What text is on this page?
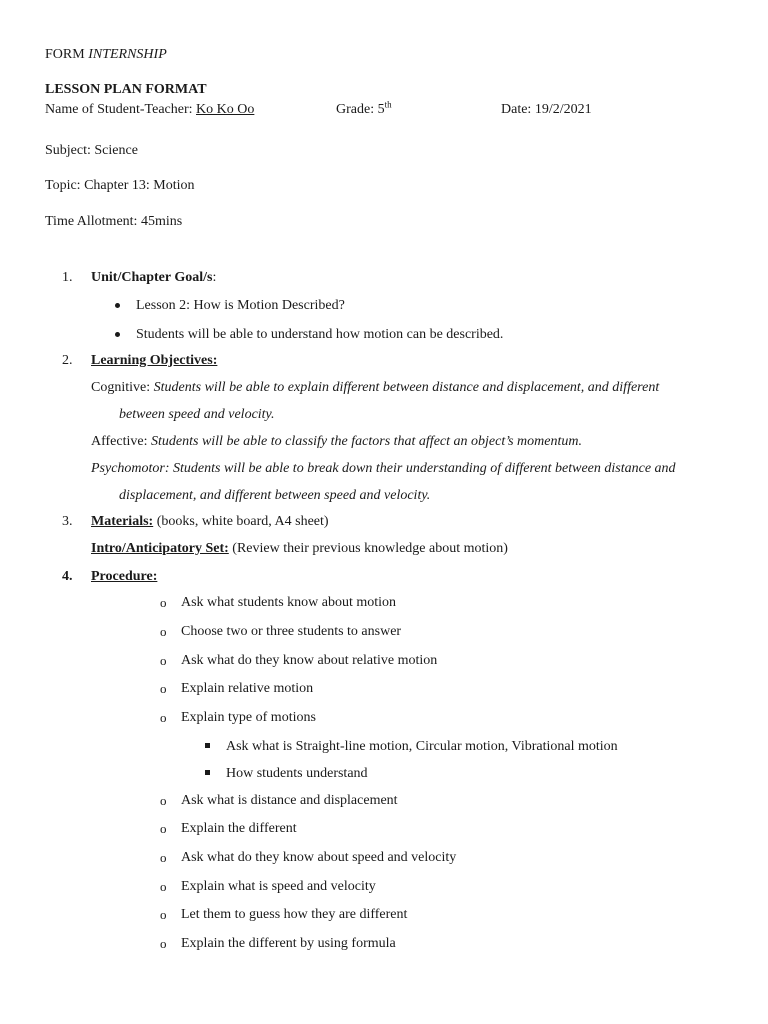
FORM INTERNSHIP
LESSON PLAN FORMAT
Name of Student-Teacher: Ko Ko Oo	Grade: 5th	Date: 19/2/2021
Subject: Science
Topic: Chapter 13: Motion
Time Allotment: 45mins
1. Unit/Chapter Goal/s:
Lesson 2: How is Motion Described?
Students will be able to understand how motion can be described.
2. Learning Objectives:
Cognitive: Students will be able to explain different between distance and displacement, and different
between speed and velocity.
Affective: Students will be able to classify the factors that affect an object’s momentum.
Psychomotor: Students will be able to break down their understanding of different between distance and
displacement, and different between speed and velocity.
3. Materials: (books, white board, A4 sheet)
Intro/Anticipatory Set: (Review their previous knowledge about motion)
4. Procedure:
o Ask what students know about motion
o Choose two or three students to answer
o Ask what do they know about relative motion
o Explain relative motion
o Explain type of motions
Ask what is Straight-line motion, Circular motion, Vibrational motion
How students understand
o Ask what is distance and displacement
o Explain the different
o Ask what do they know about speed and velocity
o Explain what is speed and velocity
o Let them to guess how they are different
o Explain the different by using formula
